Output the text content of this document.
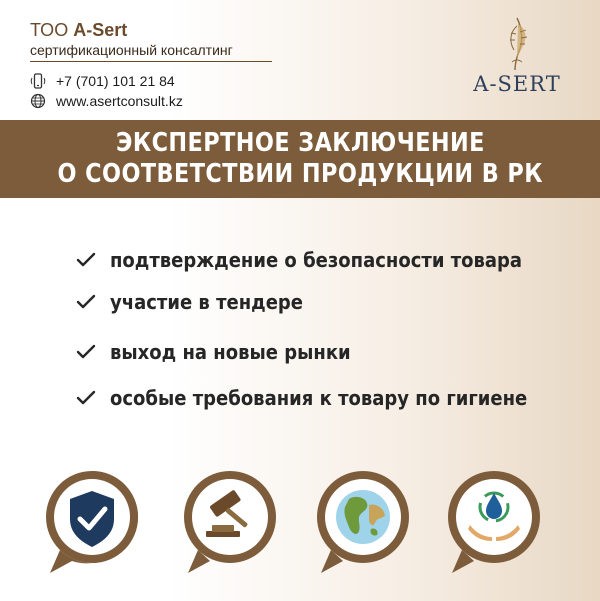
ТОО A-Sert
сертификационный консалтинг
+7 (701) 101 21 84
www.asertconsult.kz
A-SERT
ЭКСПЕРТНОЕ ЗАКЛЮЧЕНИЕ
О СООТВЕТСТВИИ ПРОДУКЦИИ В РК
подтверждение о безопасности товара
участие в тендере
выход на новые рынки
особые требования к товару по гигиене
